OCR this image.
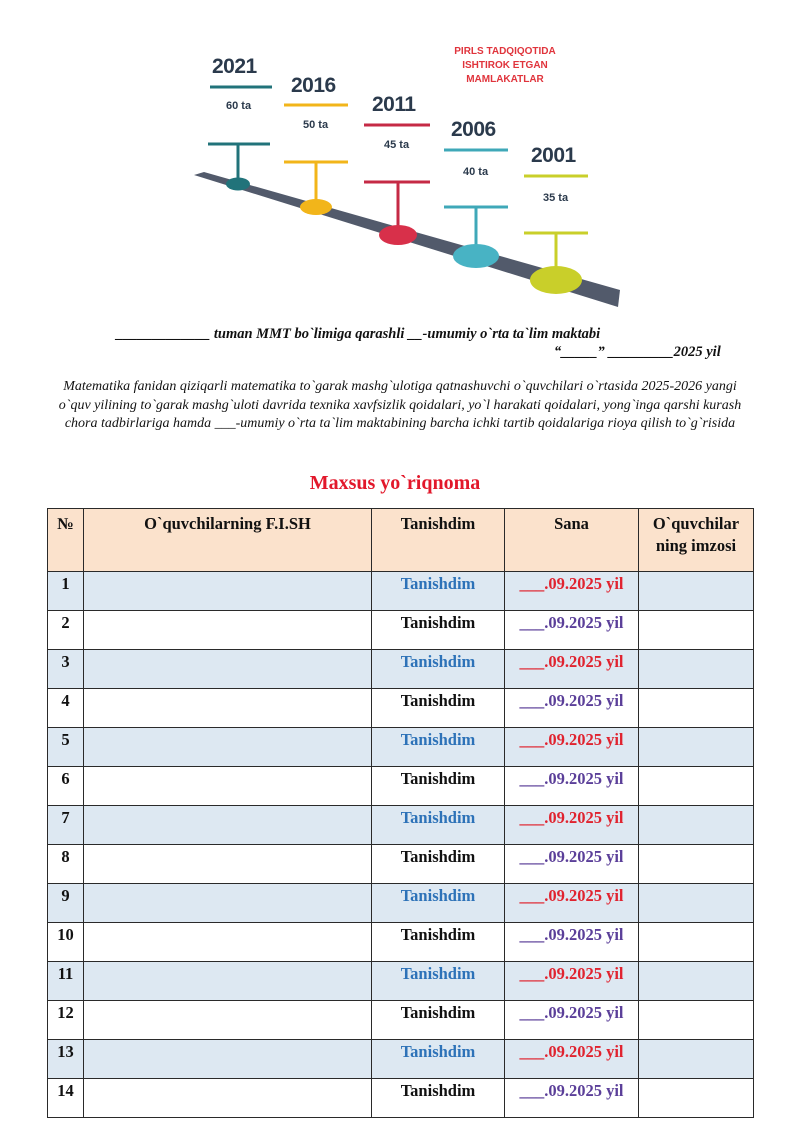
PIRLS TADQIQOTIDA
ISHTIROK ETGAN
MAMLAKATLAR
2021
60 ta
2016
50 ta
2011
45 ta
2006
40 ta
2001
35 ta
_____________ tuman MMT bo`limiga qarashli __-umumiy o`rta ta`lim maktabi
“_____” _________2025 yil
Matematika fanidan qiziqarli matematika to`garak mashg`ulotiga qatnashuvchi o`quvchilari o`rtasida 2025-2026 yangi o`quv yilining to`garak mashg`uloti davrida texnika xavfsizlik qoidalari, yo`l harakati qoidalari, yong`inga qarshi kurash chora tadbirlariga hamda ___-umumiy o`rta ta`lim maktabining barcha ichki tartib qoidalariga rioya qilish to`g`risida
Maxsus yo`riqnoma
№	O`quvchilarning F.I.SH	Tanishdim	Sana	O`quvchilar ning imzosi
1		Tanishdim	___.09.2025 yil	
2		Tanishdim	___.09.2025 yil	
3		Tanishdim	___.09.2025 yil	
4		Tanishdim	___.09.2025 yil	
5		Tanishdim	___.09.2025 yil	
6		Tanishdim	___.09.2025 yil	
7		Tanishdim	___.09.2025 yil	
8		Tanishdim	___.09.2025 yil	
9		Tanishdim	___.09.2025 yil	
10		Tanishdim	___.09.2025 yil	
11		Tanishdim	___.09.2025 yil	
12		Tanishdim	___.09.2025 yil	
13		Tanishdim	___.09.2025 yil	
14		Tanishdim	___.09.2025 yil	
